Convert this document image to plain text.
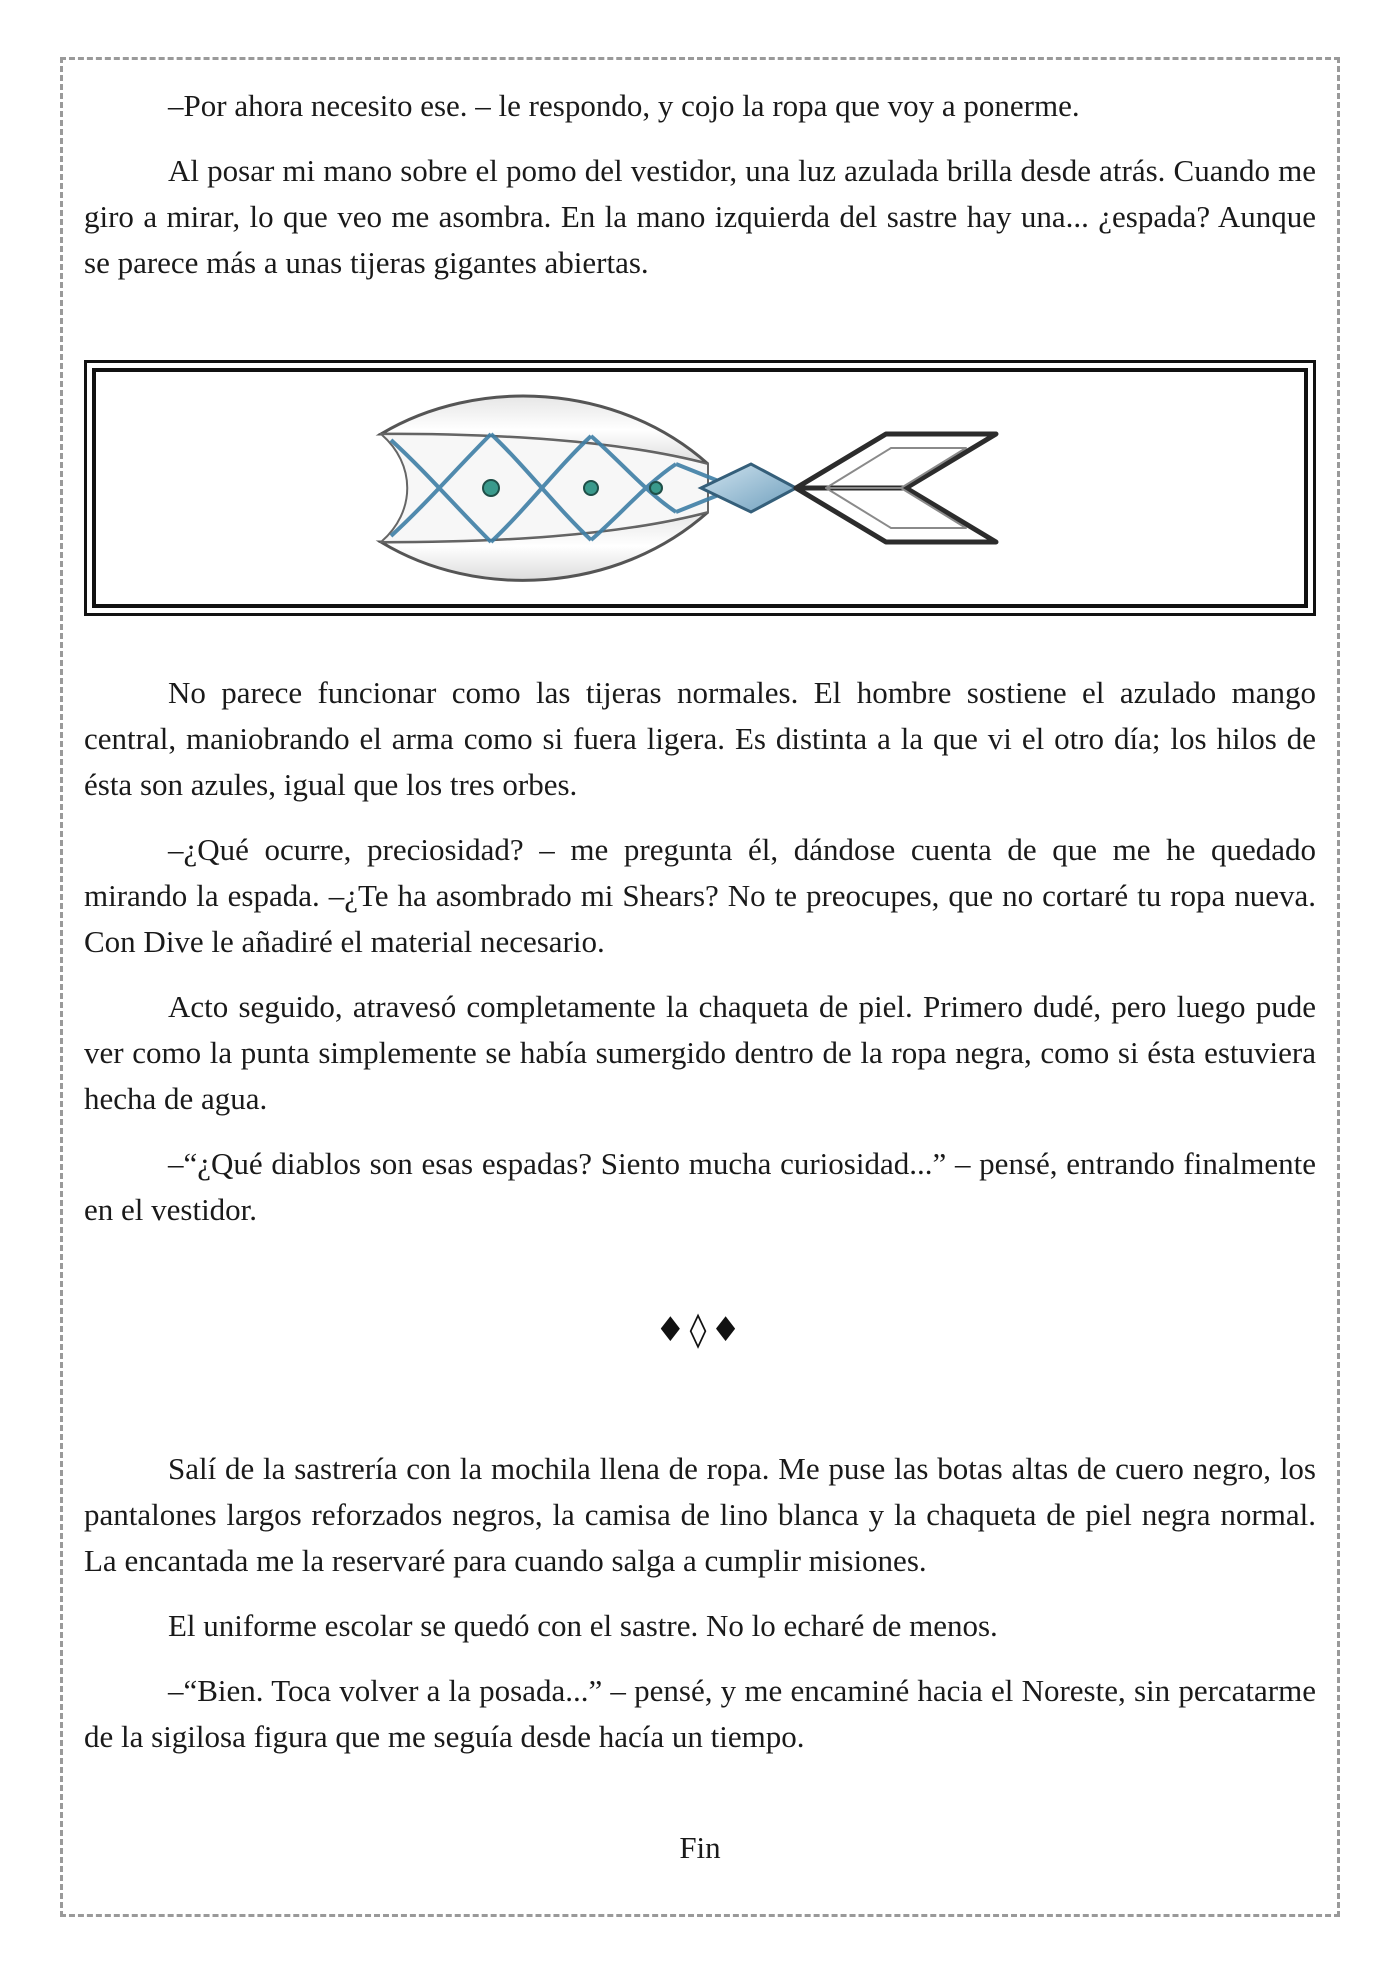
–Por ahora necesito ese. – le respondo, y cojo la ropa que voy a ponerme.

Al posar mi mano sobre el pomo del vestidor, una luz azulada brilla desde atrás. Cuando me giro a mirar, lo que veo me asombra. En la mano izquierda del sastre hay una... ¿espada? Aunque se parece más a unas tijeras gigantes abiertas.

No parece funcionar como las tijeras normales. El hombre sostiene el azulado mango central, maniobrando el arma como si fuera ligera. Es distinta a la que vi el otro día; los hilos de ésta son azules, igual que los tres orbes.

–¿Qué ocurre, preciosidad? – me pregunta él, dándose cuenta de que me he quedado mirando la espada. –¿Te ha asombrado mi Shears? No te preocupes, que no cortaré tu ropa nueva. Con Dive le añadiré el material necesario.

Acto seguido, atravesó completamente la chaqueta de piel. Primero dudé, pero luego pude ver como la punta simplemente se había sumergido dentro de la ropa negra, como si ésta estuviera hecha de agua.

–“¿Qué diablos son esas espadas? Siento mucha curiosidad...” – pensé, entrando finalmente en el vestidor.

♦◊♦

Salí de la sastrería con la mochila llena de ropa. Me puse las botas altas de cuero negro, los pantalones largos reforzados negros, la camisa de lino blanca y la chaqueta de piel negra normal. La encantada me la reservaré para cuando salga a cumplir misiones.

El uniforme escolar se quedó con el sastre. No lo echaré de menos.

–“Bien. Toca volver a la posada...” – pensé, y me encaminé hacia el Noreste, sin percatarme de la sigilosa figura que me seguía desde hacía un tiempo.

Fin
